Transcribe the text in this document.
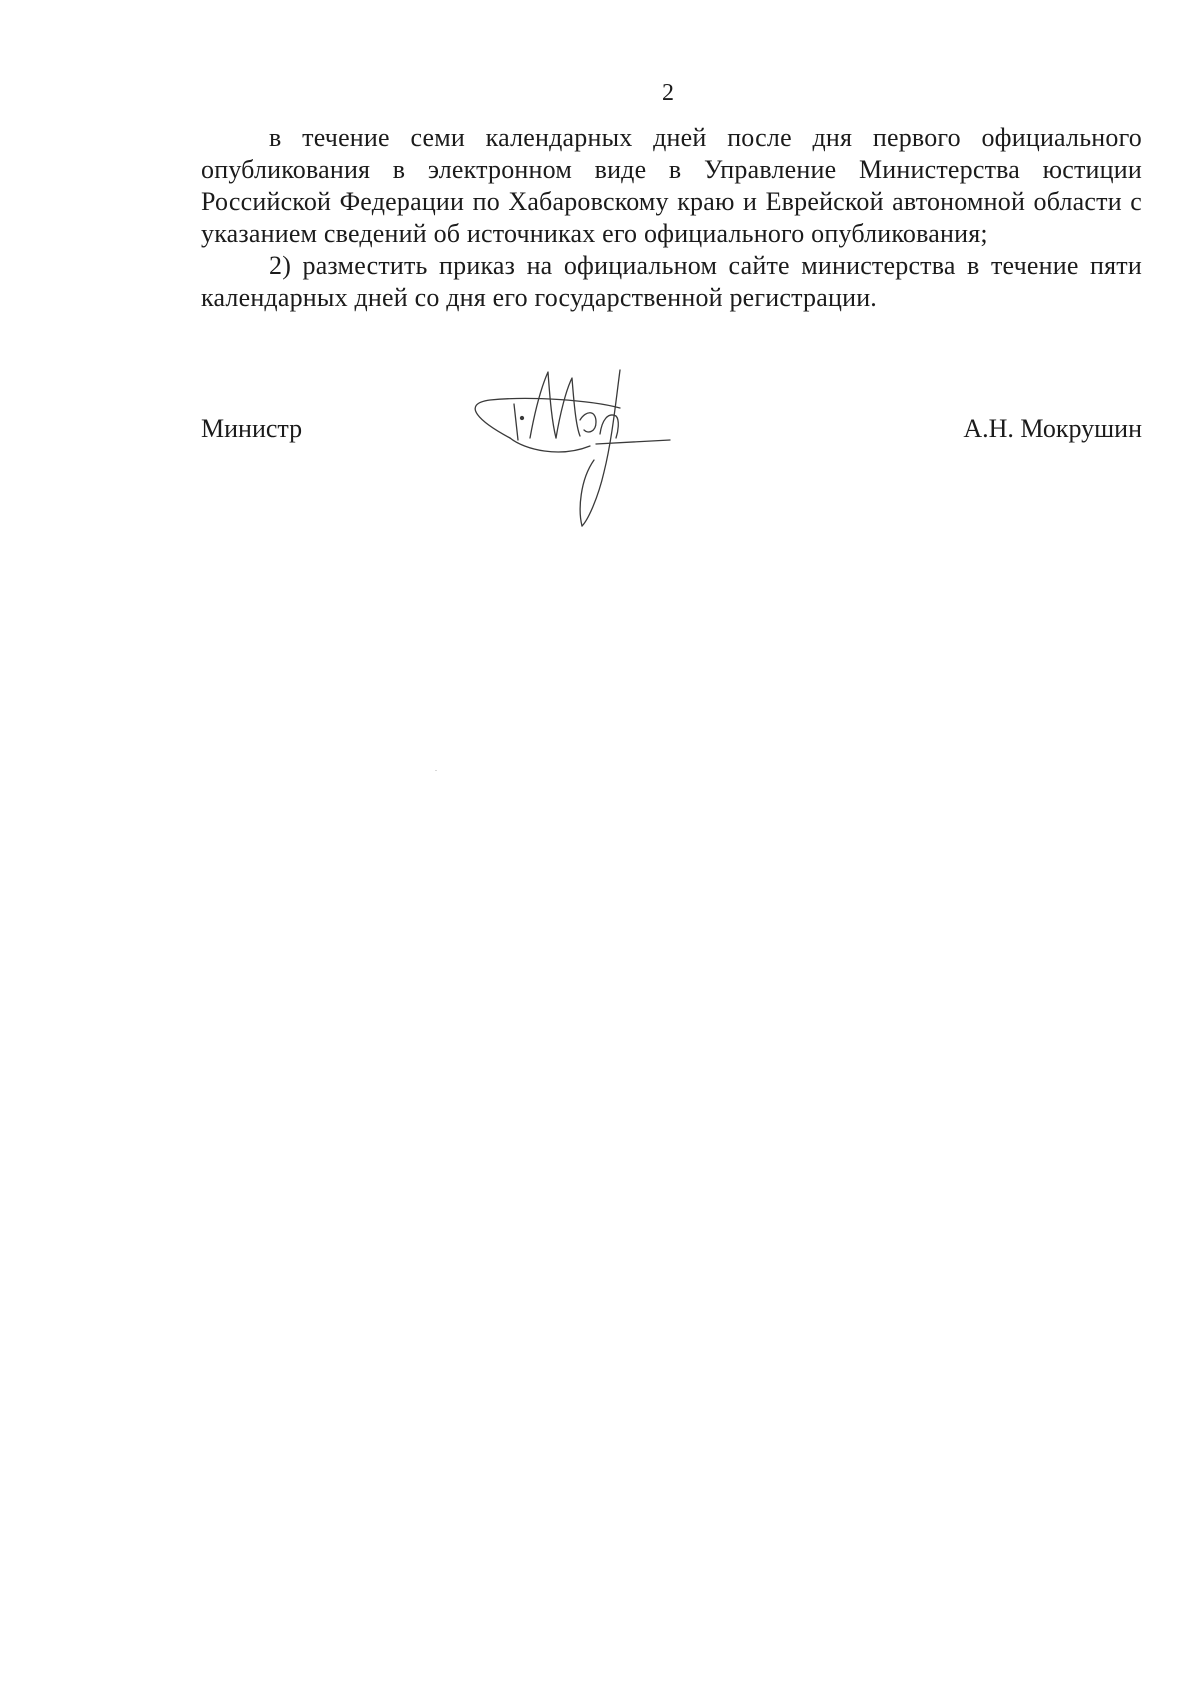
2

в течение семи календарных дней после дня первого официального опубликования в электронном виде в Управление Министерства юстиции Российской Федерации по Хабаровскому краю и Еврейской автономной области с указанием сведений об источниках его официального опубликования;

2) разместить приказ на официальном сайте министерства в течение пяти календарных дней со дня его государственной регистрации.

Министр	А.Н. Мокрушин
